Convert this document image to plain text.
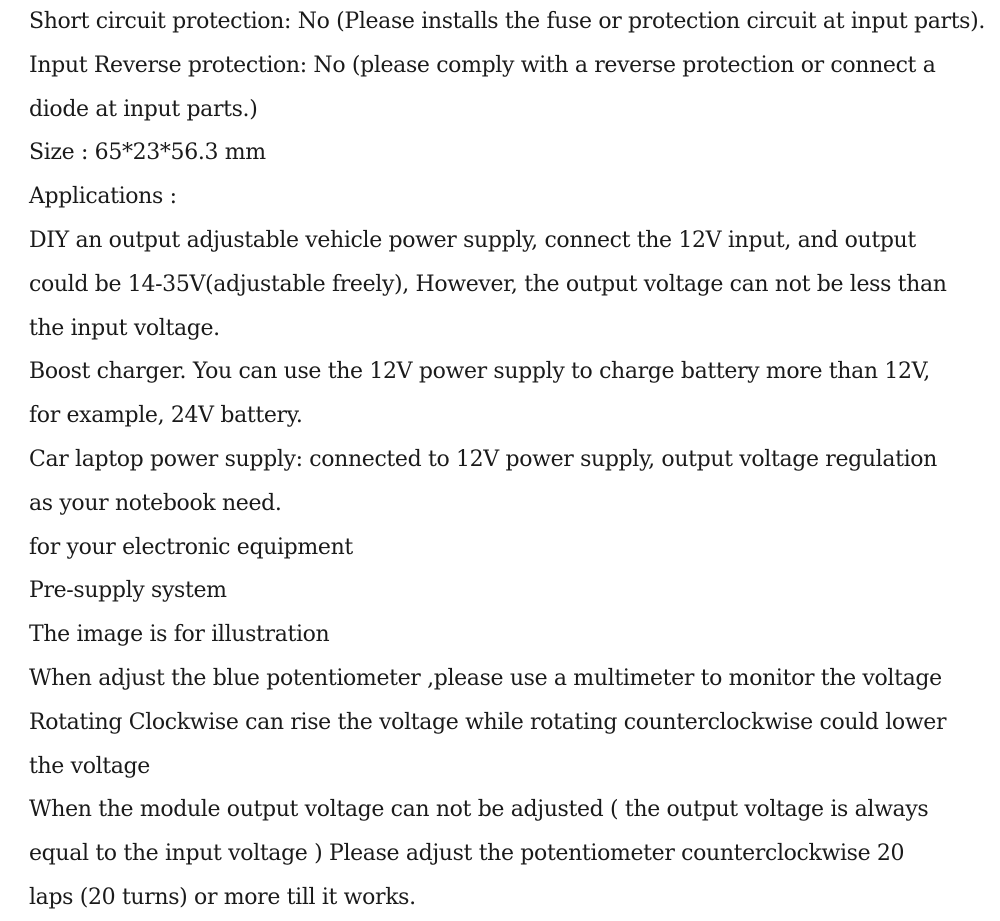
Short circuit protection: No (Please installs the fuse or protection circuit at input parts).
Input Reverse protection: No (please comply with a reverse protection or connect a
diode at input parts.)
Size : 65*23*56.3 mm
Applications :
DIY an output adjustable vehicle power supply, connect the 12V input, and output
could be 14-35V(adjustable freely), However, the output voltage can not be less than
the input voltage.
Boost charger. You can use the 12V power supply to charge battery more than 12V,
for example, 24V battery.
Car laptop power supply: connected to 12V power supply, output voltage regulation
as your notebook need.
for your electronic equipment
Pre-supply system
The image is for illustration
When adjust the blue potentiometer ,please use a multimeter to monitor the voltage
Rotating Clockwise can rise the voltage while rotating counterclockwise could lower
the voltage
When the module output voltage can not be adjusted ( the output voltage is always
equal to the input voltage ) Please adjust the potentiometer counterclockwise 20
laps (20 turns) or more till it works.
